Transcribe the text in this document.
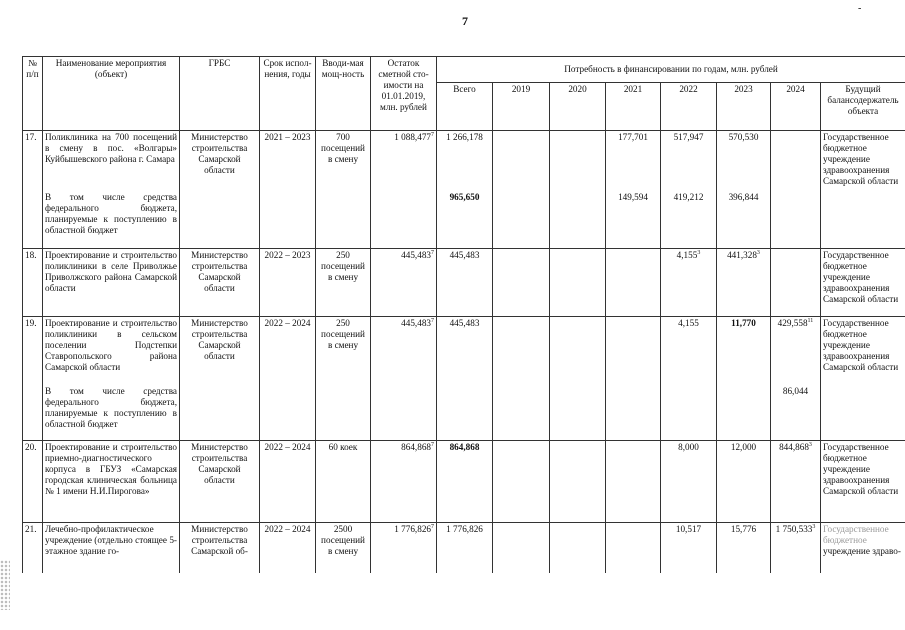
7
-
№ п/п	Наименование мероприятия (объект)	ГРБС	Срок испол-нения, годы	Вводи-мая мощ-ность	Остаток сметной сто-имости на 01.01.2019, млн. рублей	Потребность в финансировании по годам, млн. рублей							
						Всего	2019	2020	2021	2022	2023	2024	Будущий балансодержатель объекта
17.	Поликлиника на 700 посещений в смену в пос. «Волгары» Куйбышевского района г. Самара	Министерство строительства Самарской области	2021 – 2023	700 посещений в смену	1 088,477$^7$	1 266,178			177,701	517,947	570,530		Государственное бюджетное учреждение здравоохранения Самарской области
	В том числе средства федерального бюджета, планируемые к поступлению в областной бюджет					965,650			149,594	419,212	396,844		
18.	Проектирование и строительство поликлиники в селе Приволжье Приволжского района Самарской области	Министерство строительства Самарской области	2022 – 2023	250 посещений в смену	445,483$^7$	445,483				4,155$^3$	441,328$^3$		Государственное бюджетное учреждение здравоохранения Самарской области
19.	Проектирование и строительство поликлиники в сельском поселении Подстепки Ставропольского района Самарской области	Министерство строительства Самарской области	2022 – 2024	250 посещений в смену	445,483$^7$	445,483				4,155	11,770	429,558$^{11}$	Государственное бюджетное учреждение здравоохранения Самарской области
	В том числе средства федерального бюджета, планируемые к поступлению в областной бюджет											86,044	
20.	Проектирование и строительство приемно-диагностического корпуса в ГБУЗ «Самарская городская клиническая больница № 1 имени Н.И.Пирогова»	Министерство строительства Самарской области	2022 – 2024	60 коек	864,868$^7$	864,868				8,000	12,000	844,868$^3$	Государственное бюджетное учреждение здравоохранения Самарской области
21.	Лечебно-профилактическое учреждение (отдельно стоящее 5-этажное здание го-	Министерство строительства Самарской об-	2022 – 2024	2500 посещений в смену	1 776,826$^7$	1 776,826				10,517	15,776	1 750,533$^3$	Государственное бюджетное учреждение здраво-
